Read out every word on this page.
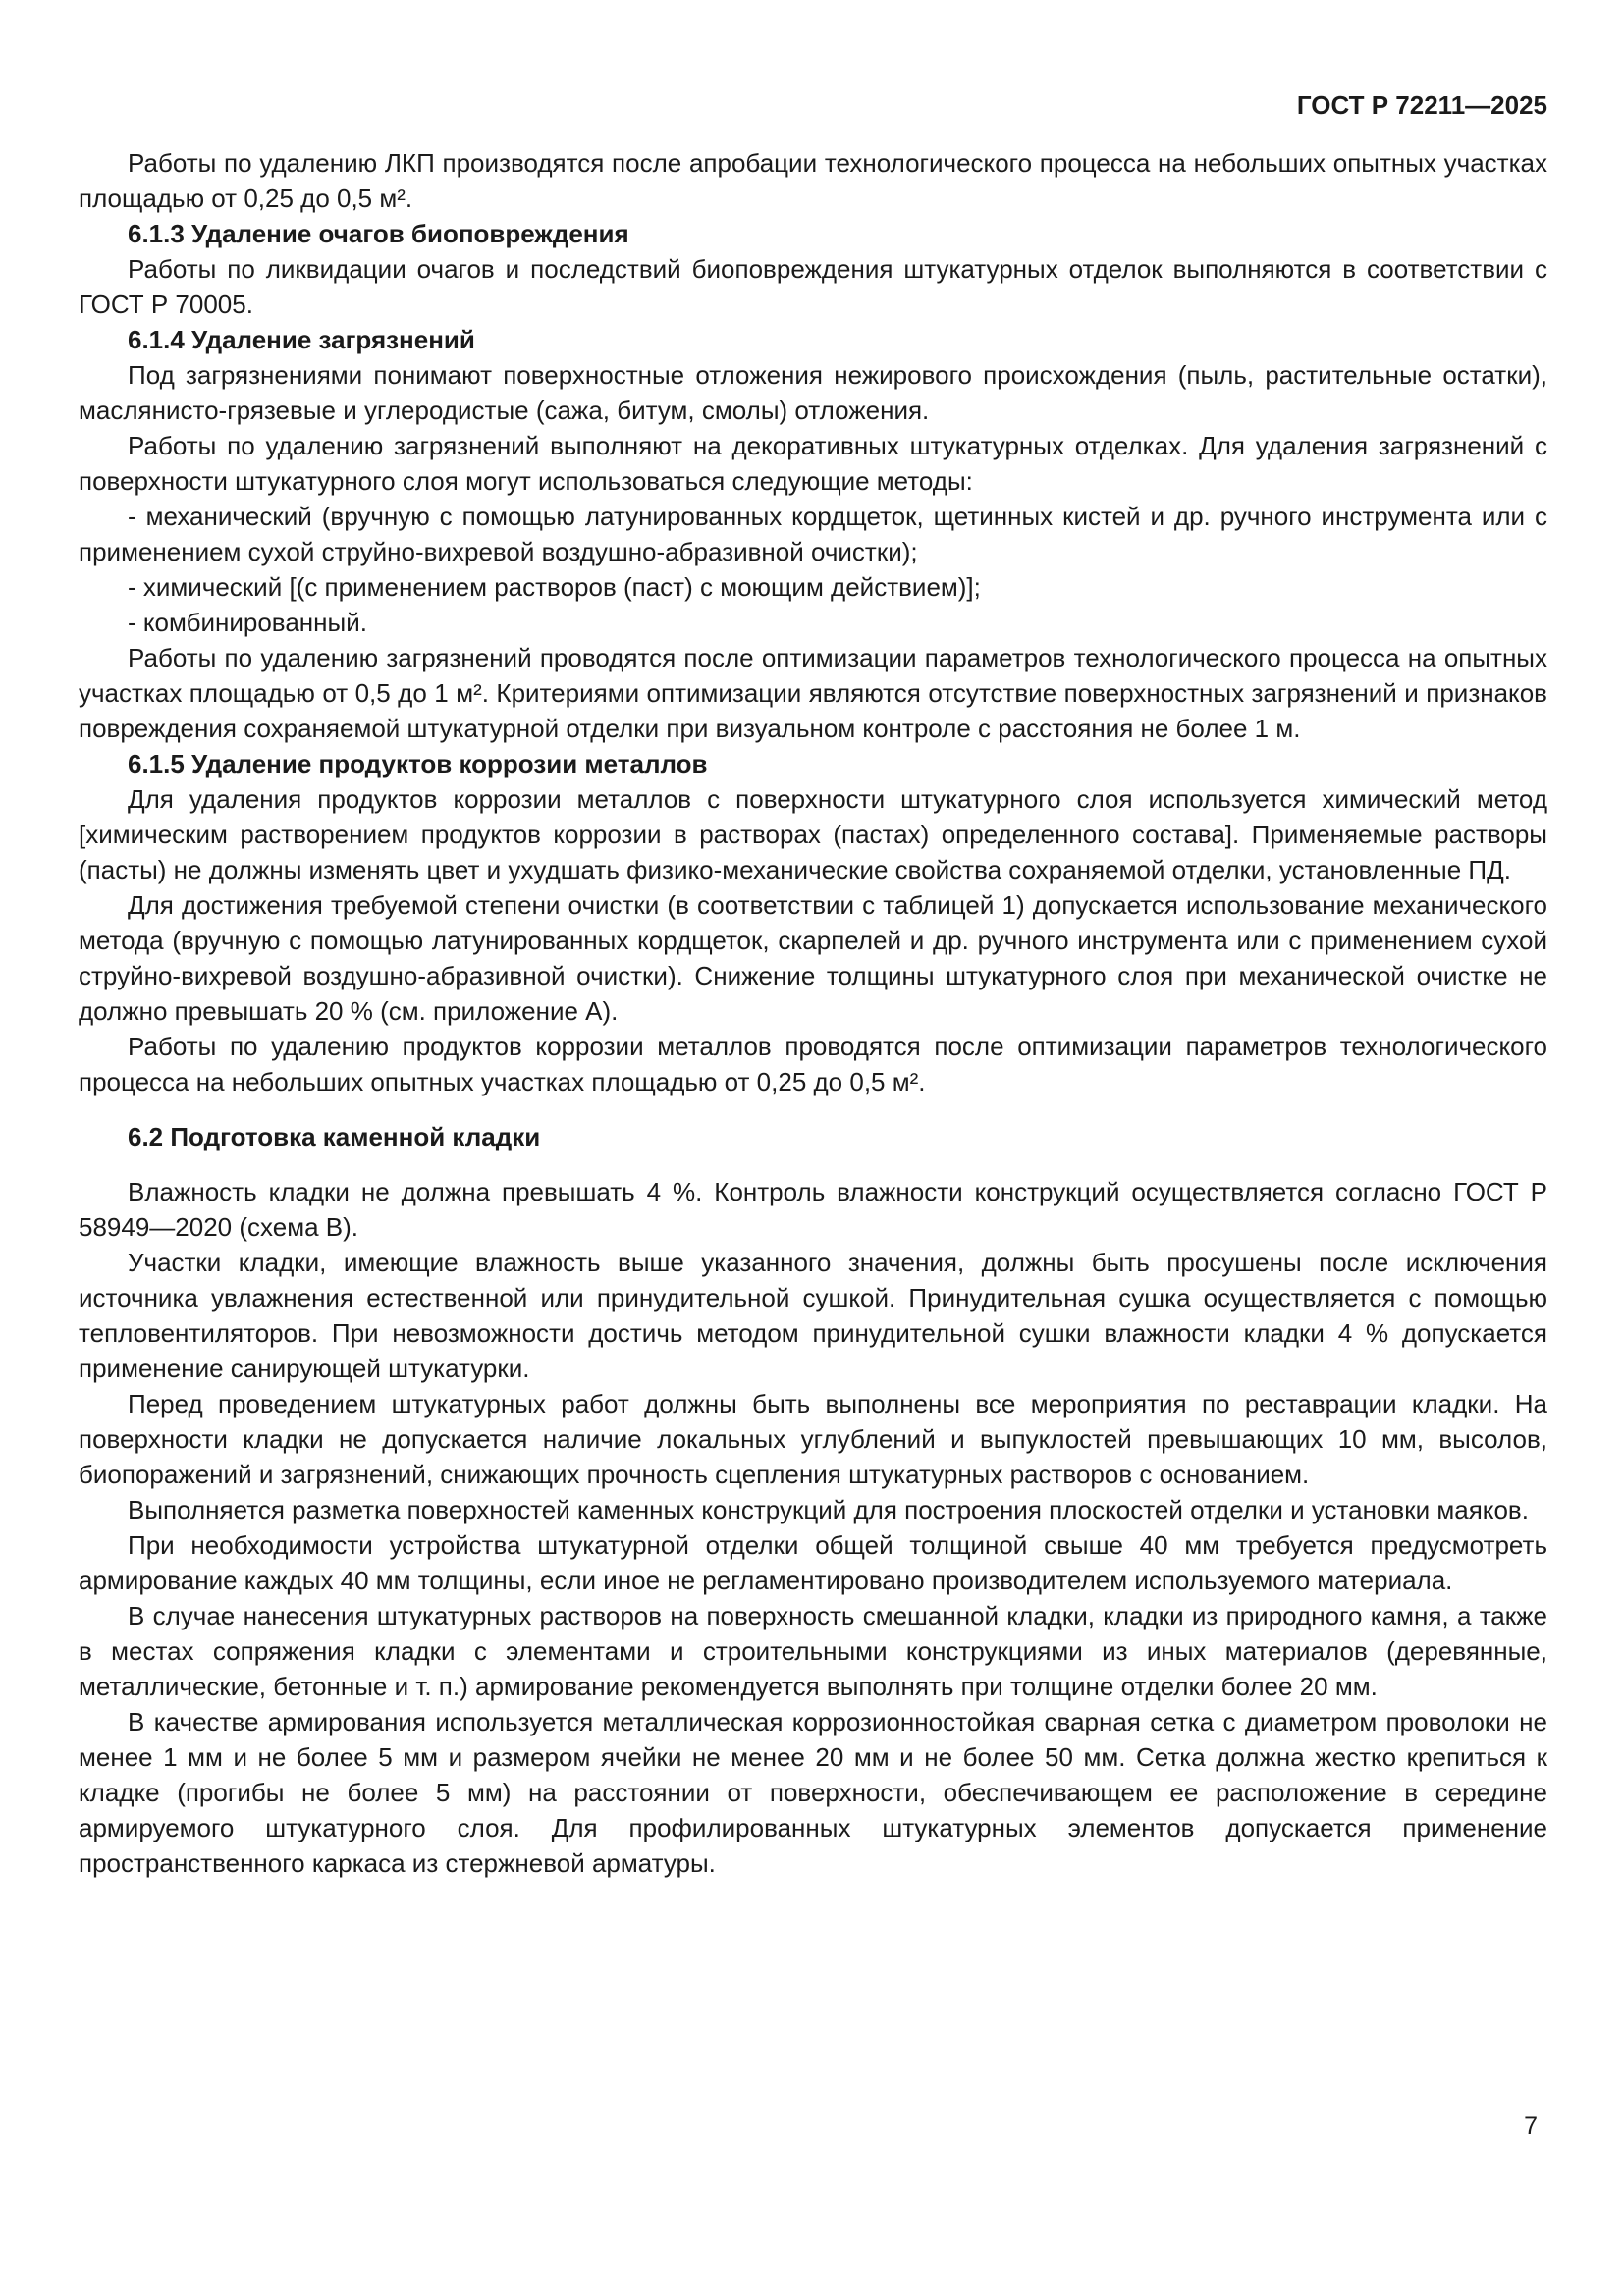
ГОСТ Р 72211—2025

Работы по удалению ЛКП производятся после апробации технологического процесса на небольших опытных участках площадью от 0,25 до 0,5 м².

6.1.3 Удаление очагов биоповреждения

Работы по ликвидации очагов и последствий биоповреждения штукатурных отделок выполняются в соответствии с ГОСТ Р 70005.

6.1.4 Удаление загрязнений

Под загрязнениями понимают поверхностные отложения нежирового происхождения (пыль, растительные остатки), маслянисто-грязевые и углеродистые (сажа, битум, смолы) отложения.

Работы по удалению загрязнений выполняют на декоративных штукатурных отделках. Для удаления загрязнений с поверхности штукатурного слоя могут использоваться следующие методы:

- механический (вручную с помощью латунированных кордщеток, щетинных кистей и др. ручного инструмента или с применением сухой струйно-вихревой воздушно-абразивной очистки);

- химический [(с применением растворов (паст) с моющим действием)];

- комбинированный.

Работы по удалению загрязнений проводятся после оптимизации параметров технологического процесса на опытных участках площадью от 0,5 до 1 м². Критериями оптимизации являются отсутствие поверхностных загрязнений и признаков повреждения сохраняемой штукатурной отделки при визуальном контроле с расстояния не более 1 м.

6.1.5 Удаление продуктов коррозии металлов

Для удаления продуктов коррозии металлов с поверхности штукатурного слоя используется химический метод [химическим растворением продуктов коррозии в растворах (пастах) определенного состава]. Применяемые растворы (пасты) не должны изменять цвет и ухудшать физико-механические свойства сохраняемой отделки, установленные ПД.

Для достижения требуемой степени очистки (в соответствии с таблицей 1) допускается использование механического метода (вручную с помощью латунированных кордщеток, скарпелей и др. ручного инструмента или с применением сухой струйно-вихревой воздушно-абразивной очистки). Снижение толщины штукатурного слоя при механической очистке не должно превышать 20 % (см. приложение А).

Работы по удалению продуктов коррозии металлов проводятся после оптимизации параметров технологического процесса на небольших опытных участках площадью от 0,25 до 0,5 м².

6.2 Подготовка каменной кладки

Влажность кладки не должна превышать 4 %. Контроль влажности конструкций осуществляется согласно ГОСТ Р 58949—2020 (схема В).

Участки кладки, имеющие влажность выше указанного значения, должны быть просушены после исключения источника увлажнения естественной или принудительной сушкой. Принудительная сушка осуществляется с помощью тепловентиляторов. При невозможности достичь методом принудительной сушки влажности кладки 4 % допускается применение санирующей штукатурки.

Перед проведением штукатурных работ должны быть выполнены все мероприятия по реставрации кладки. На поверхности кладки не допускается наличие локальных углублений и выпуклостей превышающих 10 мм, высолов, биопоражений и загрязнений, снижающих прочность сцепления штукатурных растворов с основанием.

Выполняется разметка поверхностей каменных конструкций для построения плоскостей отделки и установки маяков.

При необходимости устройства штукатурной отделки общей толщиной свыше 40 мм требуется предусмотреть армирование каждых 40 мм толщины, если иное не регламентировано производителем используемого материала.

В случае нанесения штукатурных растворов на поверхность смешанной кладки, кладки из природного камня, а также в местах сопряжения кладки с элементами и строительными конструкциями из иных материалов (деревянные, металлические, бетонные и т. п.) армирование рекомендуется выполнять при толщине отделки более 20 мм.

В качестве армирования используется металлическая коррозионностойкая сварная сетка с диаметром проволоки не менее 1 мм и не более 5 мм и размером ячейки не менее 20 мм и не более 50 мм. Сетка должна жестко крепиться к кладке (прогибы не более 5 мм) на расстоянии от поверхности, обеспечивающем ее расположение в середине армируемого штукатурного слоя. Для профилированных штукатурных элементов допускается применение пространственного каркаса из стержневой арматуры.

7
